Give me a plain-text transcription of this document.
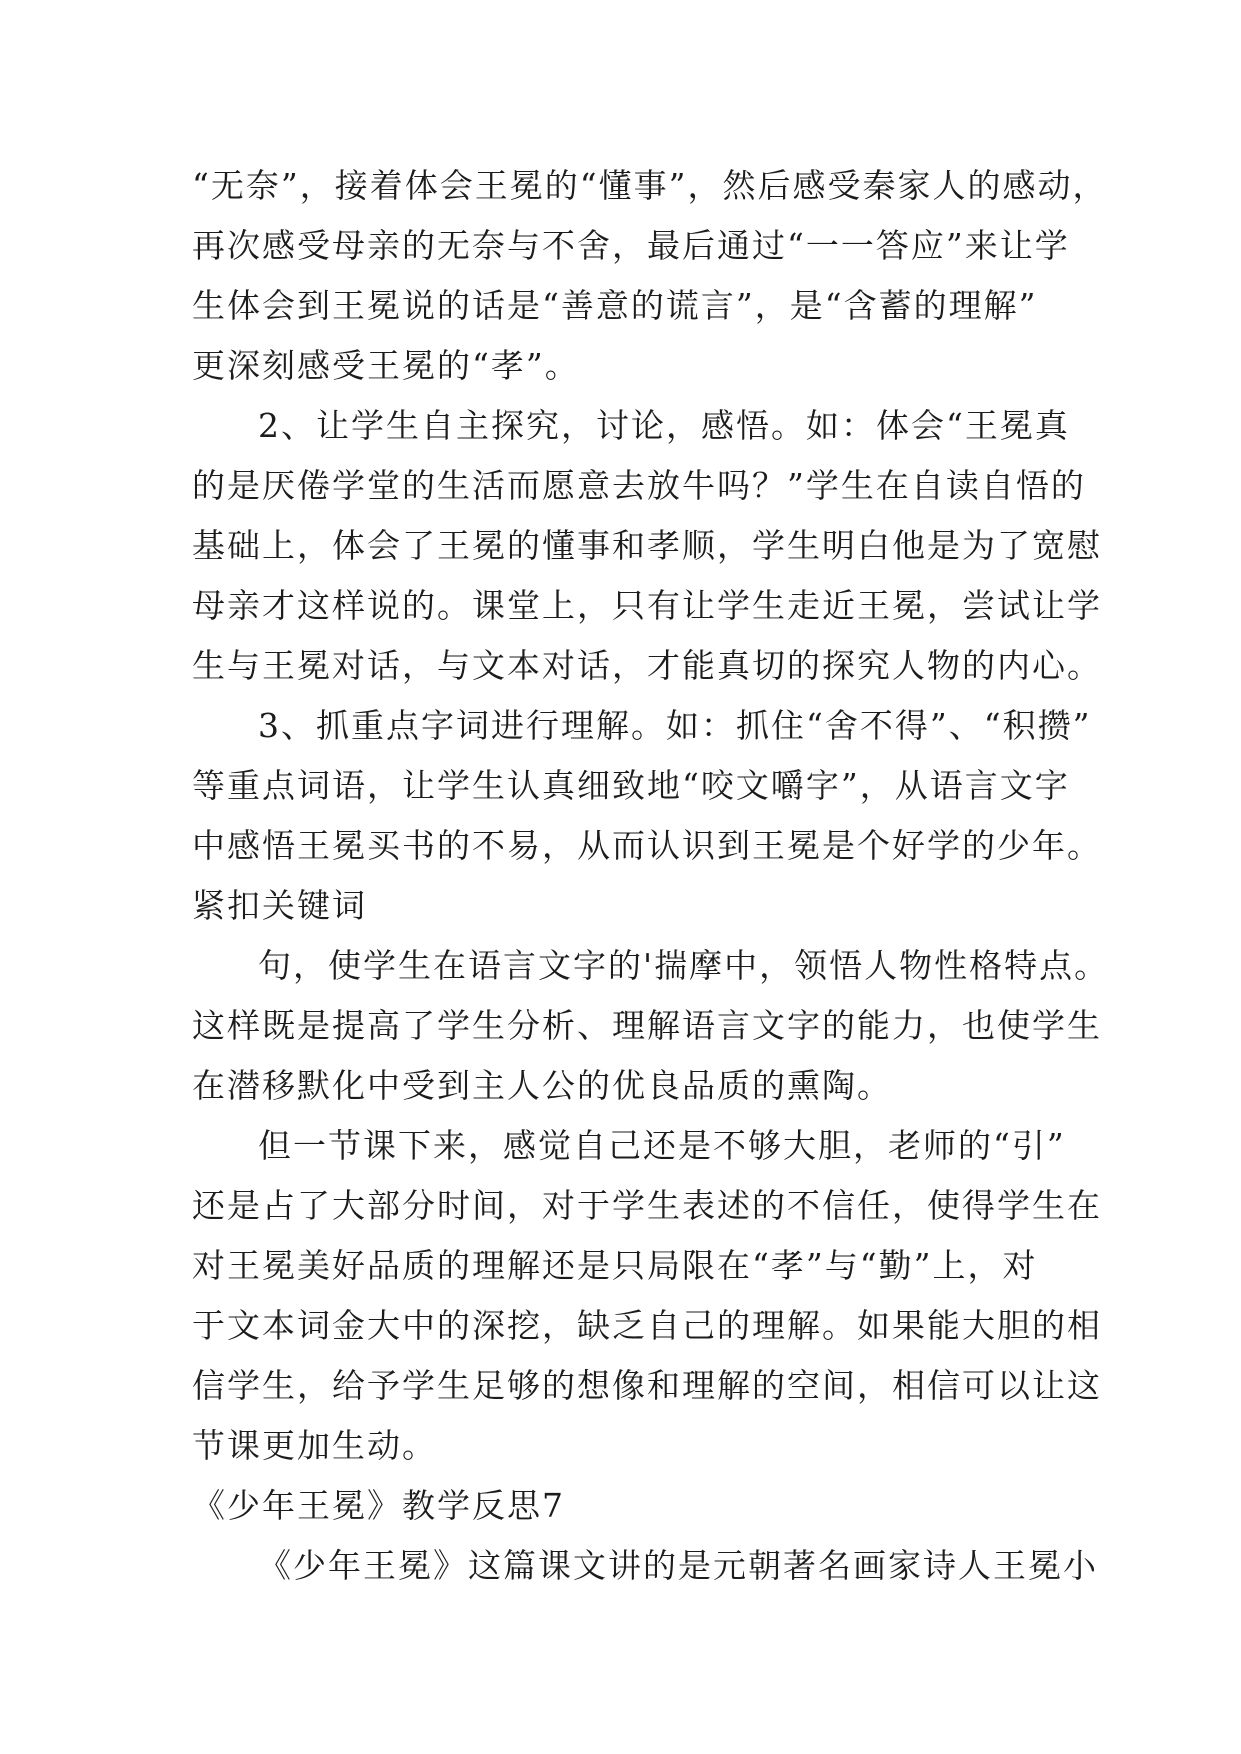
“无奈”，接着体会王冕的“懂事”，然后感受秦家人的感动，
再次感受母亲的无奈与不舍，最后通过“一一答应”来让学
生体会到王冕说的话是“善意的谎言”，是“含蓄的理解”
更深刻感受王冕的“孝”。
2、让学生自主探究，讨论，感悟。如：体会“王冕真
的是厌倦学堂的生活而愿意去放牛吗？”学生在自读自悟的
基础上，体会了王冕的懂事和孝顺，学生明白他是为了宽慰
母亲才这样说的。课堂上，只有让学生走近王冕，尝试让学
生与王冕对话，与文本对话，才能真切的探究人物的内心。
3、抓重点字词进行理解。如：抓住“舍不得”、“积攒”
等重点词语，让学生认真细致地“咬文嚼字”，从语言文字
中感悟王冕买书的不易，从而认识到王冕是个好学的少年。
紧扣关键词
句，使学生在语言文字的'揣摩中，领悟人物性格特点。
这样既是提高了学生分析、理解语言文字的能力，也使学生
在潜移默化中受到主人公的优良品质的熏陶。
但一节课下来，感觉自己还是不够大胆，老师的“引”
还是占了大部分时间，对于学生表述的不信任，使得学生在
对王冕美好品质的理解还是只局限在“孝”与“勤”上，对
于文本词金大中的深挖，缺乏自己的理解。如果能大胆的相
信学生，给予学生足够的想像和理解的空间，相信可以让这
节课更加生动。
《少年王冕》教学反思7
《少年王冕》这篇课文讲的是元朝著名画家诗人王冕小
